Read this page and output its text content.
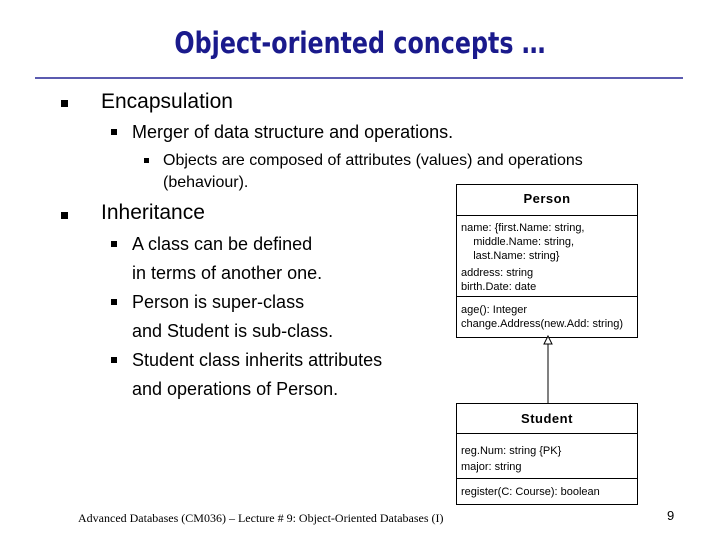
Object-oriented concepts …
Encapsulation
Merger of data structure and operations.
Objects are composed of attributes (values) and operations
(behaviour).
Inheritance
A class can be defined
in terms of another one.
Person is super-class
and Student is sub-class.
Student class inherits attributes
and operations of Person.
Person
name: {first.Name: string,
middle.Name: string,
last.Name: string}
address: string
birth.Date: date
age(): Integer
change.Address(new.Add: string)
Student
reg.Num: string {PK}
major: string
register(C: Course): boolean
Advanced Databases (CM036) – Lecture # 9: Object-Oriented Databases (I)	9
